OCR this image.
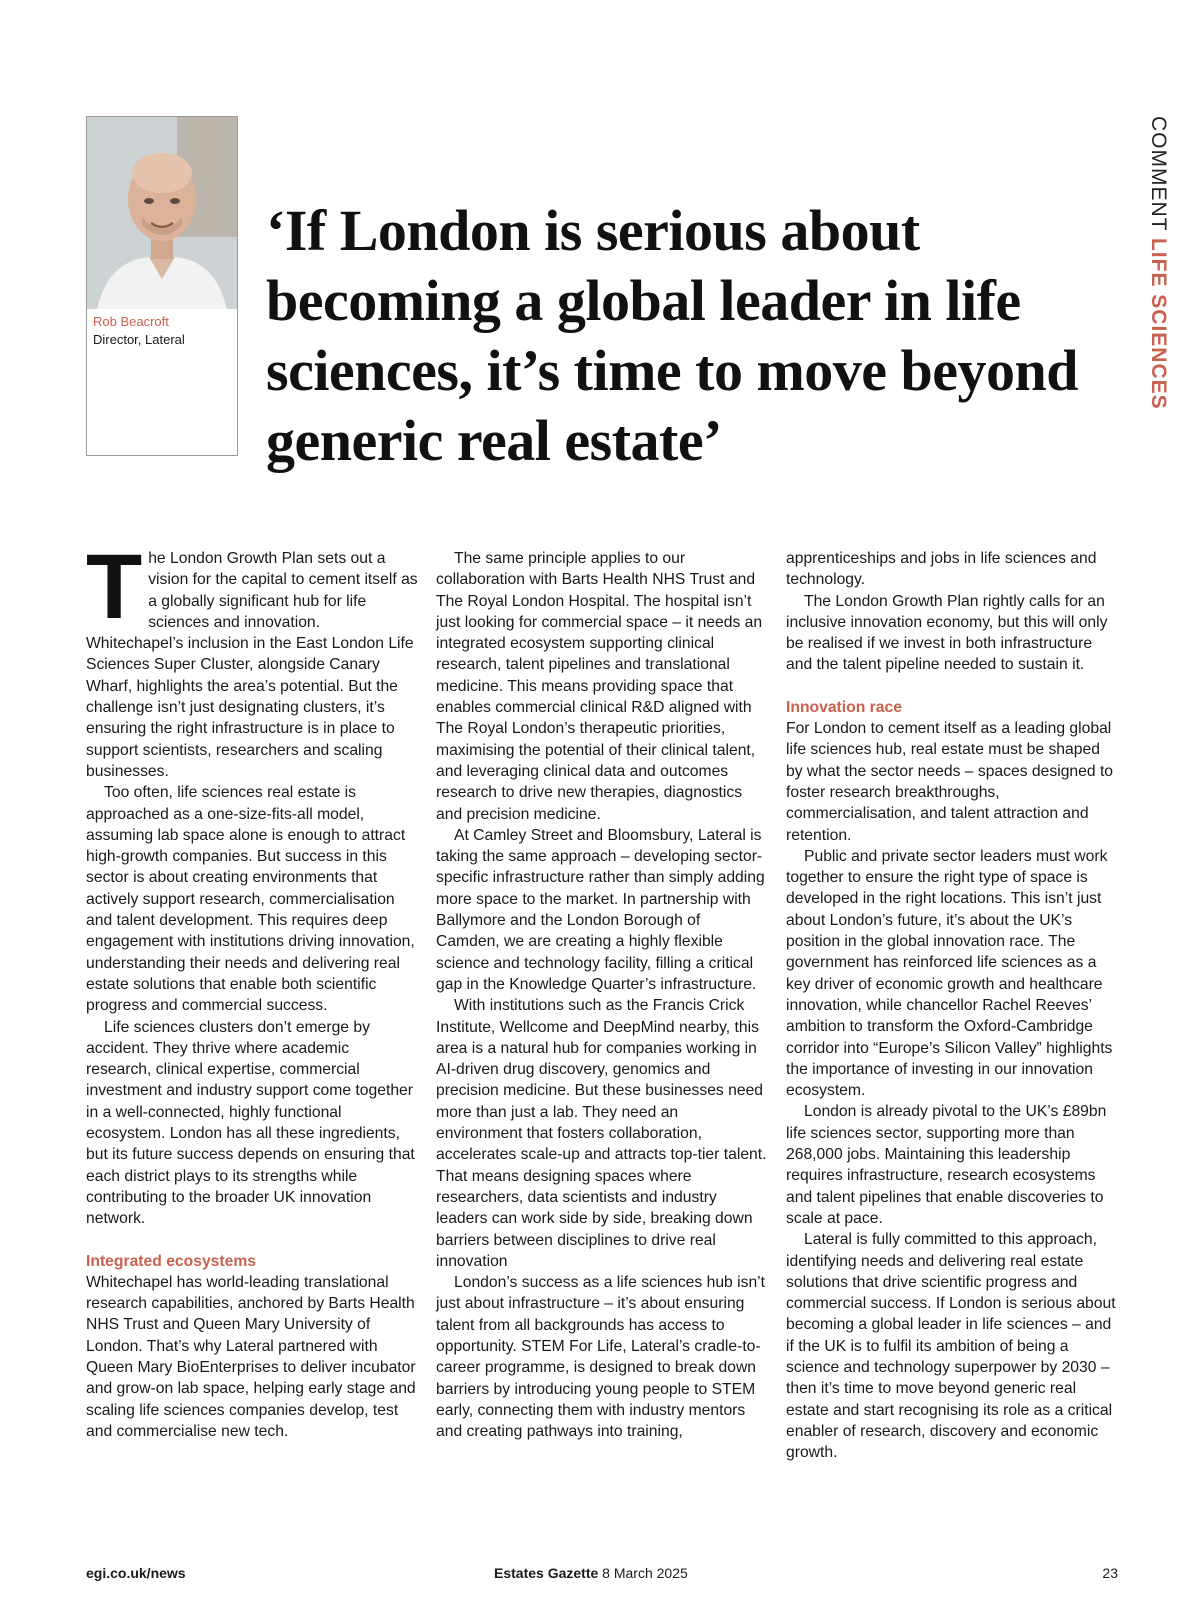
COMMENT LIFE SCIENCES
Rob Beacroft
Director, Lateral
‘If London is serious about becoming a global leader in life sciences, it’s time to move beyond generic real estate’

The London Growth Plan sets out a vision for the capital to cement itself as a globally significant hub for life sciences and innovation. Whitechapel’s inclusion in the East London Life Sciences Super Cluster, alongside Canary Wharf, highlights the area’s potential. But the challenge isn’t just designating clusters, it’s ensuring the right infrastructure is in place to support scientists, researchers and scaling businesses.

Too often, life sciences real estate is approached as a one-size-fits-all model, assuming lab space alone is enough to attract high-growth companies. But success in this sector is about creating environments that actively support research, commercialisation and talent development. This requires deep engagement with institutions driving innovation, understanding their needs and delivering real estate solutions that enable both scientific progress and commercial success.

Life sciences clusters don’t emerge by accident. They thrive where academic research, clinical expertise, commercial investment and industry support come together in a well-connected, highly functional ecosystem. London has all these ingredients, but its future success depends on ensuring that each district plays to its strengths while contributing to the broader UK innovation network.

Integrated ecosystems

Whitechapel has world-leading translational research capabilities, anchored by Barts Health NHS Trust and Queen Mary University of London. That’s why Lateral partnered with Queen Mary BioEnterprises to deliver incubator and grow-on lab space, helping early stage and scaling life sciences companies develop, test and commercialise new tech.

The same principle applies to our collaboration with Barts Health NHS Trust and The Royal London Hospital. The hospital isn’t just looking for commercial space – it needs an integrated ecosystem supporting clinical research, talent pipelines and translational medicine. This means providing space that enables commercial clinical R&D aligned with The Royal London’s therapeutic priorities, maximising the potential of their clinical talent, and leveraging clinical data and outcomes research to drive new therapies, diagnostics and precision medicine.

At Camley Street and Bloomsbury, Lateral is taking the same approach – developing sector-specific infrastructure rather than simply adding more space to the market. In partnership with Ballymore and the London Borough of Camden, we are creating a highly flexible science and technology facility, filling a critical gap in the Knowledge Quarter’s infrastructure.

With institutions such as the Francis Crick Institute, Wellcome and DeepMind nearby, this area is a natural hub for companies working in AI-driven drug discovery, genomics and precision medicine. But these businesses need more than just a lab. They need an environment that fosters collaboration, accelerates scale-up and attracts top-tier talent. That means designing spaces where researchers, data scientists and industry leaders can work side by side, breaking down barriers between disciplines to drive real innovation

London’s success as a life sciences hub isn’t just about infrastructure – it’s about ensuring talent from all backgrounds has access to opportunity. STEM For Life, Lateral’s cradle-to-career programme, is designed to break down barriers by introducing young people to STEM early, connecting them with industry mentors and creating pathways into training,

apprenticeships and jobs in life sciences and technology.

The London Growth Plan rightly calls for an inclusive innovation economy, but this will only be realised if we invest in both infrastructure and the talent pipeline needed to sustain it.

Innovation race

For London to cement itself as a leading global life sciences hub, real estate must be shaped by what the sector needs – spaces designed to foster research breakthroughs, commercialisation, and talent attraction and retention.

Public and private sector leaders must work together to ensure the right type of space is developed in the right locations. This isn’t just about London’s future, it’s about the UK’s position in the global innovation race. The government has reinforced life sciences as a key driver of economic growth and healthcare innovation, while chancellor Rachel Reeves’ ambition to transform the Oxford-Cambridge corridor into “Europe’s Silicon Valley” highlights the importance of investing in our innovation ecosystem.

London is already pivotal to the UK’s £89bn life sciences sector, supporting more than 268,000 jobs. Maintaining this leadership requires infrastructure, research ecosystems and talent pipelines that enable discoveries to scale at pace.

Lateral is fully committed to this approach, identifying needs and delivering real estate solutions that drive scientific progress and commercial success. If London is serious about becoming a global leader in life sciences – and if the UK is to fulfil its ambition of being a science and technology superpower by 2030 – then it’s time to move beyond generic real estate and start recognising its role as a critical enabler of research, discovery and economic growth.

egi.co.uk/news	Estates Gazette 8 March 2025	23
